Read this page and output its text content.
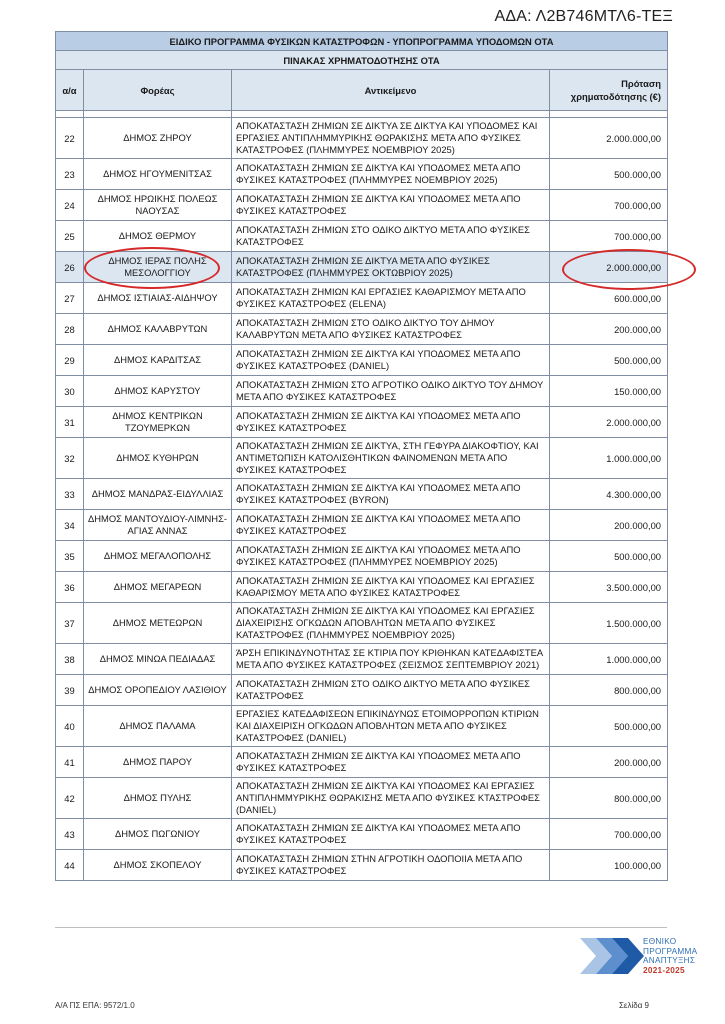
ΑΔΑ: Λ2Β746ΜΤΛ6-ΤΕΞ
ΕΙΔΙΚΟ ΠΡΟΓΡΑΜΜΑ ΦΥΣΙΚΩΝ ΚΑΤΑΣΤΡΟΦΩΝ - ΥΠΟΠΡΟΓΡΑΜΜΑ ΥΠΟΔΟΜΩΝ ΟΤΑ			
ΠΙΝΑΚΑΣ ΧΡΗΜΑΤΟΔΟΤΗΣΗΣ ΟΤΑ			
α/α	Φορέας	Αντικείμενο	Πρόταση
χρηματοδότησης (€)

22	ΔΗΜΟΣ ΖΗΡΟΥ	ΑΠΟΚΑΤΑΣΤΑΣΗ ΖΗΜΙΩΝ ΣΕ ΔΙΚΤΥΑ ΣΕ ΔΙΚΤΥΑ ΚΑΙ ΥΠΟΔΟΜΕΣ ΚΑΙ ΕΡΓΑΣΙΕΣ ΑΝΤΙΠΛΗΜΜΥΡΙΚΗΣ ΘΩΡΑΚΙΣΗΣ ΜΕΤΑ ΑΠΟ ΦΥΣΙΚΕΣ ΚΑΤΑΣΤΡΟΦΕΣ (ΠΛΗΜΜΥΡΕΣ ΝΟΕΜΒΡΙΟΥ 2025)	2.000.000,00
23	ΔΗΜΟΣ ΗΓΟΥΜΕΝΙΤΣΑΣ	ΑΠΟΚΑΤΑΣΤΑΣΗ ΖΗΜΙΩΝ ΣΕ ΔΙΚΤΥΑ ΚΑΙ ΥΠΟΔΟΜΕΣ ΜΕΤΑ ΑΠΟ ΦΥΣΙΚΕΣ ΚΑΤΑΣΤΡΟΦΕΣ (ΠΛΗΜΜΥΡΕΣ ΝΟΕΜΒΡΙΟΥ 2025)	500.000,00
24	ΔΗΜΟΣ ΗΡΩΙΚΗΣ ΠΟΛΕΩΣ ΝΑΟΥΣΑΣ	ΑΠΟΚΑΤΑΣΤΑΣΗ ΖΗΜΙΩΝ ΣΕ ΔΙΚΤΥΑ ΚΑΙ ΥΠΟΔΟΜΕΣ ΜΕΤΑ ΑΠΟ ΦΥΣΙΚΕΣ ΚΑΤΑΣΤΡΟΦΕΣ	700.000,00
25	ΔΗΜΟΣ ΘΕΡΜΟΥ	ΑΠΟΚΑΤΑΣΤΑΣΗ ΖΗΜΙΩΝ ΣΤΟ ΟΔΙΚΟ ΔΙΚΤΥΟ ΜΕΤΑ ΑΠΟ ΦΥΣΙΚΕΣ ΚΑΤΑΣΤΡΟΦΕΣ	700.000,00
26	ΔΗΜΟΣ ΙΕΡΑΣ ΠΟΛΗΣ ΜΕΣΟΛΟΓΓΙΟΥ	ΑΠΟΚΑΤΑΣΤΑΣΗ ΖΗΜΙΩΝ ΣΕ ΔΙΚΤΥΑ ΜΕΤΑ ΑΠΟ ΦΥΣΙΚΕΣ ΚΑΤΑΣΤΡΟΦΕΣ (ΠΛΗΜΜΥΡΕΣ ΟΚΤΩΒΡΙΟΥ 2025)	2.000.000,00
27	ΔΗΜΟΣ ΙΣΤΙΑΙΑΣ-ΑΙΔΗΨΟΥ	ΑΠΟΚΑΤΑΣΤΑΣΗ ΖΗΜΙΩΝ ΚΑΙ ΕΡΓΑΣΙΕΣ ΚΑΘΑΡΙΣΜΟΥ ΜΕΤΑ ΑΠΟ ΦΥΣΙΚΕΣ ΚΑΤΑΣΤΡΟΦΕΣ (ELENA)	600.000,00
28	ΔΗΜΟΣ ΚΑΛΑΒΡΥΤΩΝ	ΑΠΟΚΑΤΑΣΤΑΣΗ ΖΗΜΙΩΝ ΣΤΟ ΟΔΙΚΟ ΔΙΚΤΥΟ ΤΟΥ ΔΗΜΟΥ ΚΑΛΑΒΡΥΤΩΝ ΜΕΤΑ ΑΠΟ ΦΥΣΙΚΕΣ ΚΑΤΑΣΤΡΟΦΕΣ	200.000,00
29	ΔΗΜΟΣ ΚΑΡΔΙΤΣΑΣ	ΑΠΟΚΑΤΑΣΤΑΣΗ ΖΗΜΙΩΝ ΣΕ ΔΙΚΤΥΑ ΚΑΙ ΥΠΟΔΟΜΕΣ ΜΕΤΑ ΑΠΟ ΦΥΣΙΚΕΣ ΚΑΤΑΣΤΡΟΦΕΣ (DANIEL)	500.000,00
30	ΔΗΜΟΣ ΚΑΡΥΣΤΟΥ	ΑΠΟΚΑΤΑΣΤΑΣΗ ΖΗΜΙΩΝ ΣΤΟ ΑΓΡΟΤΙΚΟ ΟΔΙΚΟ ΔΙΚΤΥΟ ΤΟΥ ΔΗΜΟΥ ΜΕΤΑ ΑΠΟ ΦΥΣΙΚΕΣ ΚΑΤΑΣΤΡΟΦΕΣ	150.000,00
31	ΔΗΜΟΣ ΚΕΝΤΡΙΚΩΝ ΤΖΟΥΜΕΡΚΩΝ	ΑΠΟΚΑΤΑΣΤΑΣΗ ΖΗΜΙΩΝ ΣΕ ΔΙΚΤΥΑ ΚΑΙ ΥΠΟΔΟΜΕΣ ΜΕΤΑ ΑΠΟ ΦΥΣΙΚΕΣ ΚΑΤΑΣΤΡΟΦΕΣ	2.000.000,00
32	ΔΗΜΟΣ ΚΥΘΗΡΩΝ	ΑΠΟΚΑΤΑΣΤΑΣΗ ΖΗΜΙΩΝ ΣΕ ΔΙΚΤΥΑ, ΣΤΗ ΓΕΦΥΡΑ ΔΙΑΚΟΦΤΙΟΥ, ΚΑΙ ΑΝΤΙΜΕΤΩΠΙΣΗ ΚΑΤΟΛΙΣΘΗΤΙΚΩΝ ΦΑΙΝΟΜΕΝΩΝ ΜΕΤΑ ΑΠΟ ΦΥΣΙΚΕΣ ΚΑΤΑΣΤΡΟΦΕΣ	1.000.000,00
33	ΔΗΜΟΣ ΜΑΝΔΡΑΣ-ΕΙΔΥΛΛΙΑΣ	ΑΠΟΚΑΤΑΣΤΑΣΗ ΖΗΜΙΩΝ ΣΕ ΔΙΚΤΥΑ ΚΑΙ ΥΠΟΔΟΜΕΣ ΜΕΤΑ ΑΠΟ ΦΥΣΙΚΕΣ ΚΑΤΑΣΤΡΟΦΕΣ (BYRON)	4.300.000,00
34	ΔΗΜΟΣ ΜΑΝΤΟΥΔΙΟΥ-ΛΙΜΝΗΣ-ΑΓΙΑΣ ΑΝΝΑΣ	ΑΠΟΚΑΤΑΣΤΑΣΗ ΖΗΜΙΩΝ ΣΕ ΔΙΚΤΥΑ ΚΑΙ ΥΠΟΔΟΜΕΣ ΜΕΤΑ ΑΠΟ ΦΥΣΙΚΕΣ ΚΑΤΑΣΤΡΟΦΕΣ	200.000,00
35	ΔΗΜΟΣ ΜΕΓΑΛΟΠΟΛΗΣ	ΑΠΟΚΑΤΑΣΤΑΣΗ ΖΗΜΙΩΝ ΣΕ ΔΙΚΤΥΑ ΚΑΙ ΥΠΟΔΟΜΕΣ ΜΕΤΑ ΑΠΟ ΦΥΣΙΚΕΣ ΚΑΤΑΣΤΡΟΦΕΣ (ΠΛΗΜΜΥΡΕΣ ΝΟΕΜΒΡΙΟΥ 2025)	500.000,00
36	ΔΗΜΟΣ ΜΕΓΑΡΕΩΝ	ΑΠΟΚΑΤΑΣΤΑΣΗ ΖΗΜΙΩΝ ΣΕ ΔΙΚΤΥΑ ΚΑΙ ΥΠΟΔΟΜΕΣ ΚΑΙ ΕΡΓΑΣΙΕΣ ΚΑΘΑΡΙΣΜΟΥ ΜΕΤΑ ΑΠΟ ΦΥΣΙΚΕΣ ΚΑΤΑΣΤΡΟΦΕΣ	3.500.000,00
37	ΔΗΜΟΣ ΜΕΤΕΩΡΩΝ	ΑΠΟΚΑΤΑΣΤΑΣΗ ΖΗΜΙΩΝ ΣΕ ΔΙΚΤΥΑ ΚΑΙ ΥΠΟΔΟΜΕΣ ΚΑΙ ΕΡΓΑΣΙΕΣ ΔΙΑΧΕΙΡΙΣΗΣ ΟΓΚΩΔΩΝ ΑΠΟΒΛΗΤΩΝ ΜΕΤΑ ΑΠΟ ΦΥΣΙΚΕΣ ΚΑΤΑΣΤΡΟΦΕΣ (ΠΛΗΜΜΥΡΕΣ ΝΟΕΜΒΡΙΟΥ 2025)	1.500.000,00
38	ΔΗΜΟΣ ΜΙΝΩΑ ΠΕΔΙΑΔΑΣ	ΆΡΣΗ ΕΠΙΚΙΝΔΥΝΟΤΗΤΑΣ ΣΕ ΚΤΙΡΙΑ ΠΟΥ ΚΡΙΘΗΚΑΝ ΚΑΤΕΔΑΦΙΣΤΕΑ ΜΕΤΑ ΑΠΟ ΦΥΣΙΚΕΣ ΚΑΤΑΣΤΡΟΦΕΣ (ΣΕΙΣΜΟΣ ΣΕΠΤΕΜΒΡΙΟΥ 2021)	1.000.000,00
39	ΔΗΜΟΣ ΟΡΟΠΕΔΙΟΥ ΛΑΣΙΘΙΟΥ	ΑΠΟΚΑΤΑΣΤΑΣΗ ΖΗΜΙΩΝ ΣΤΟ ΟΔΙΚΟ ΔΙΚΤΥΟ ΜΕΤΑ ΑΠΟ ΦΥΣΙΚΕΣ ΚΑΤΑΣΤΡΟΦΕΣ	800.000,00
40	ΔΗΜΟΣ ΠΑΛΑΜΑ	ΕΡΓΑΣΙΕΣ ΚΑΤΕΔΑΦΙΣΕΩΝ ΕΠΙΚΙΝΔΥΝΩΣ ΕΤΟΙΜΟΡΡΟΠΩΝ ΚΤΙΡΙΩΝ ΚΑΙ ΔΙΑΧΕΙΡΙΣΗ ΟΓΚΩΔΩΝ ΑΠΟΒΛΗΤΩΝ ΜΕΤΑ ΑΠΟ ΦΥΣΙΚΕΣ ΚΑΤΑΣΤΡΟΦΕΣ (DANIEL)	500.000,00
41	ΔΗΜΟΣ ΠΑΡΟΥ	ΑΠΟΚΑΤΑΣΤΑΣΗ ΖΗΜΙΩΝ ΣΕ ΔΙΚΤΥΑ ΚΑΙ ΥΠΟΔΟΜΕΣ ΜΕΤΑ ΑΠΟ ΦΥΣΙΚΕΣ ΚΑΤΑΣΤΡΟΦΕΣ	200.000,00
42	ΔΗΜΟΣ ΠΥΛΗΣ	ΑΠΟΚΑΤΑΣΤΑΣΗ ΖΗΜΙΩΝ ΣΕ ΔΙΚΤΥΑ ΚΑΙ ΥΠΟΔΟΜΕΣ ΚΑΙ ΕΡΓΑΣΙΕΣ ΑΝΤΙΠΛΗΜΜΥΡΙΚΗΣ ΘΩΡΑΚΙΣΗΣ ΜΕΤΑ ΑΠΟ ΦΥΣΙΚΕΣ ΚΤΑΣΤΡΟΦΕΣ (DANIEL)	800.000,00
43	ΔΗΜΟΣ ΠΩΓΩΝΙΟΥ	ΑΠΟΚΑΤΑΣΤΑΣΗ ΖΗΜΙΩΝ ΣΕ ΔΙΚΤΥΑ ΚΑΙ ΥΠΟΔΟΜΕΣ ΜΕΤΑ ΑΠΟ ΦΥΣΙΚΕΣ ΚΑΤΑΣΤΡΟΦΕΣ	700.000,00
44	ΔΗΜΟΣ ΣΚΟΠΕΛΟΥ	ΑΠΟΚΑΤΑΣΤΑΣΗ ΖΗΜΙΩΝ ΣΤΗΝ ΑΓΡΟΤΙΚΗ ΟΔΟΠΟΙΙΑ ΜΕΤΑ ΑΠΟ ΦΥΣΙΚΕΣ ΚΑΤΑΣΤΡΟΦΕΣ	100.000,00
ΕΘΝΙΚΟ
ΠΡΟΓΡΑΜΜΑ
ΑΝΑΠΤΥΞΗΣ
2021-2025
Α/Α ΠΣ ΕΠΑ: 9572/1.0	Σελίδα 9
